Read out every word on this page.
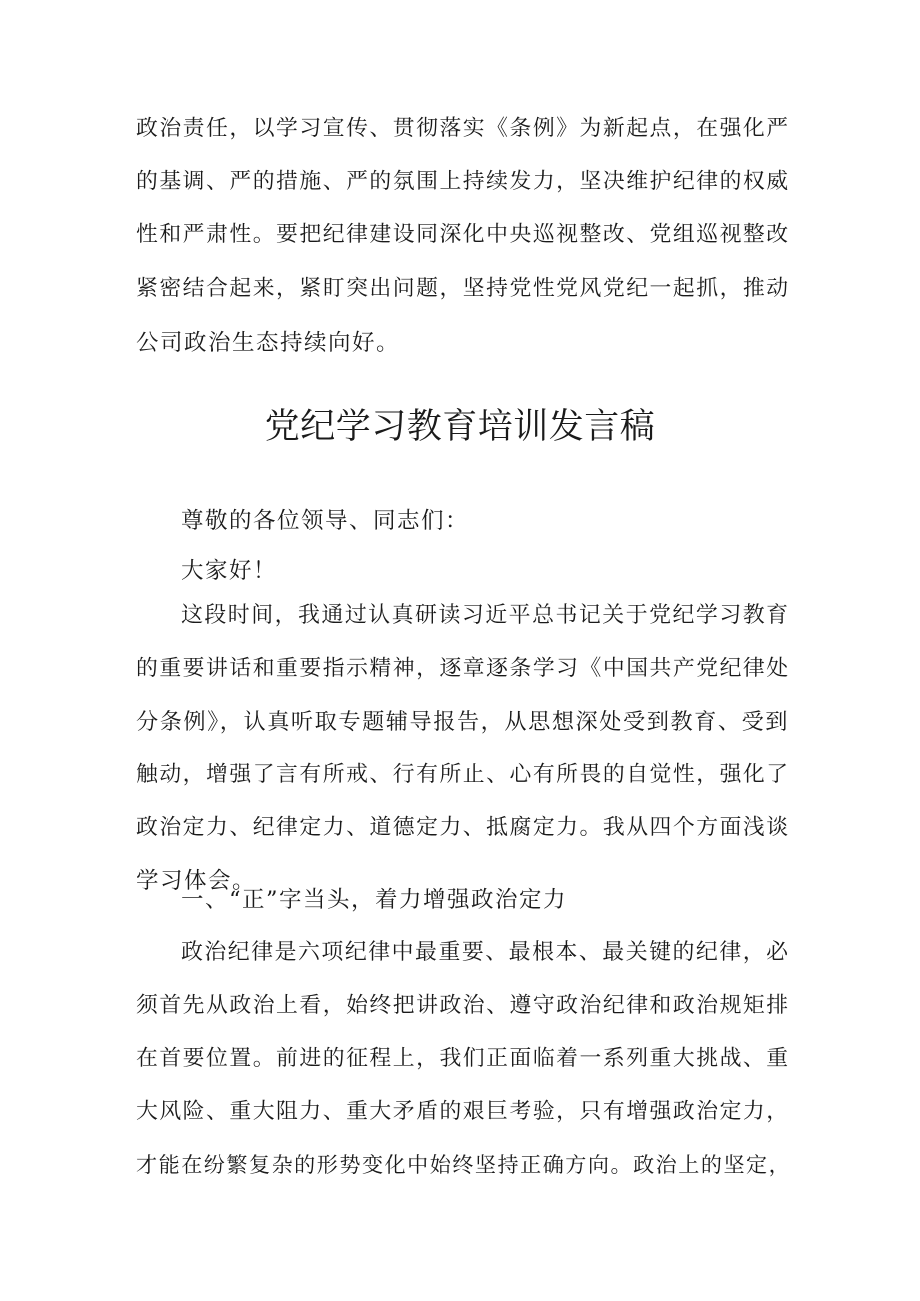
政治责任，以学习宣传、贯彻落实《条例》为新起点，在强化严
的基调、严的措施、严的氛围上持续发力，坚决维护纪律的权威
性和严肃性。要把纪律建设同深化中央巡视整改、党组巡视整改
紧密结合起来，紧盯突出问题，坚持党性党风党纪一起抓，推动
公司政治生态持续向好。
党纪学习教育培训发言稿
尊敬的各位领导、同志们：
大家好！
这段时间，我通过认真研读习近平总书记关于党纪学习教育
的重要讲话和重要指示精神，逐章逐条学习《中国共产党纪律处
分条例》，认真听取专题辅导报告，从思想深处受到教育、受到
触动，增强了言有所戒、行有所止、心有所畏的自觉性，强化了
政治定力、纪律定力、道德定力、抵腐定力。我从四个方面浅谈
学习体会。
一、“正”字当头，着力增强政治定力
政治纪律是六项纪律中最重要、最根本、最关键的纪律，必
须首先从政治上看，始终把讲政治、遵守政治纪律和政治规矩排
在首要位置。前进的征程上，我们正面临着一系列重大挑战、重
大风险、重大阻力、重大矛盾的艰巨考验，只有增强政治定力，
才能在纷繁复杂的形势变化中始终坚持正确方向。政治上的坚定，
